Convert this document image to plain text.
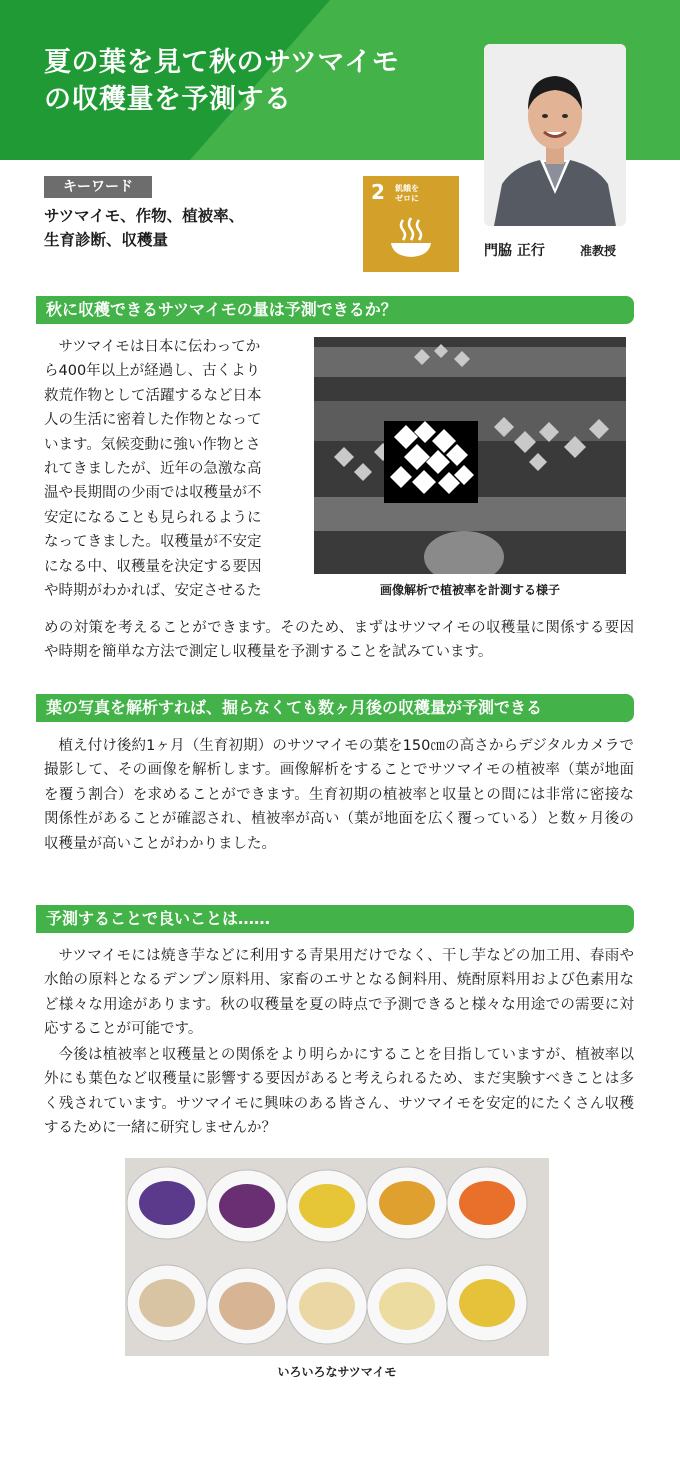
夏の葉を見て秋のサツマイモ
の収穫量を予測する
門脇 正行	准教授
キーワード

サツマイモ、作物、植被率、
生育診断、収穫量

2 飢餓を
ゼロに
秋に収穫できるサツマイモの量は予測できるか？
サツマイモは日本に伝わってか
ら400年以上が経過し、古くより
救荒作物として活躍するなど日本
人の生活に密着した作物となって
います。気候変動に強い作物とさ
れてきましたが、近年の急激な高
温や長期間の少雨では収穫量が不
安定になることも見られるように
なってきました。収穫量が不安定
になる中、収穫量を決定する要因
や時期がわかれば、安定させるた

めの対策を考えることができます。そのため、まずはサツマイモの収穫量に関係する要因や時期を簡単な方法で測定し収穫量を予測することを試みています。

画像解析で植被率を計測する様子
葉の写真を解析すれば、掘らなくても数ヶ月後の収穫量が予測できる

植え付け後約1ヶ月（生育初期）のサツマイモの葉を150㎝の高さからデジタルカメラで撮影して、その画像を解析します。画像解析をすることでサツマイモの植被率（葉が地面を覆う割合）を求めることができます。生育初期の植被率と収量との間には非常に密接な関係性があることが確認され、植被率が高い（葉が地面を広く覆っている）と数ヶ月後の収穫量が高いことがわかりました。

予測することで良いことは……

サツマイモには焼き芋などに利用する青果用だけでなく、干し芋などの加工用、春雨や水飴の原料となるデンプン原料用、家畜のエサとなる飼料用、焼酎原料用および色素用など様々な用途があります。秋の収穫量を夏の時点で予測できると様々な用途での需要に対応することが可能です。

今後は植被率と収穫量との関係をより明らかにすることを目指していますが、植被率以外にも葉色など収穫量に影響する要因があると考えられるため、まだ実験すべきことは多く残されています。サツマイモに興味のある皆さん、サツマイモを安定的にたくさん収穫するために一緒に研究しませんか？

いろいろなサツマイモ
